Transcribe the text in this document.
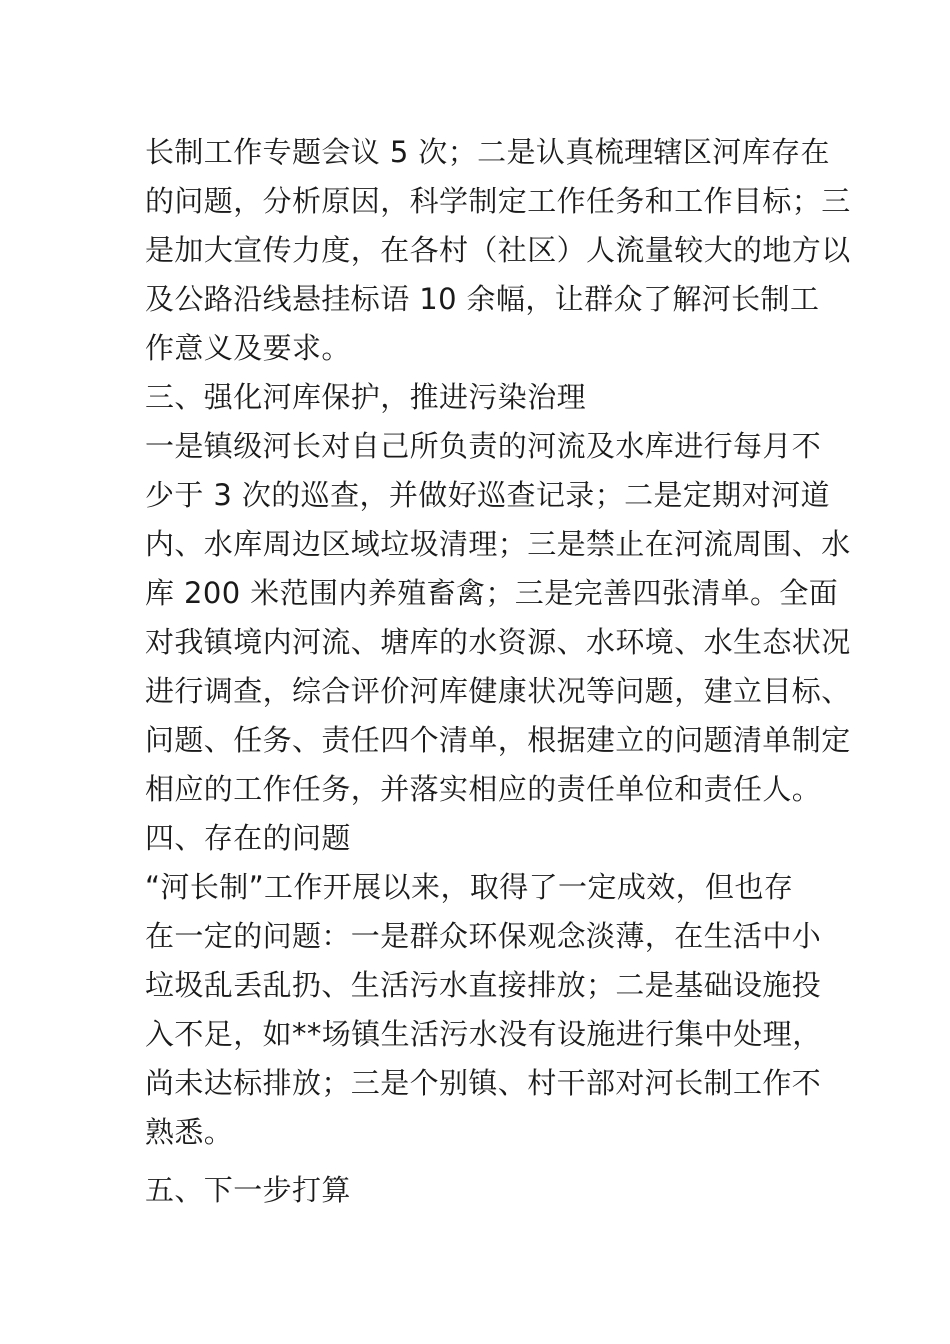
长制工作专题会议 5 次；二是认真梳理辖区河库存在
的问题，分析原因，科学制定工作任务和工作目标；三
是加大宣传力度，在各村（社区）人流量较大的地方以
及公路沿线悬挂标语 10 余幅，让群众了解河长制工
作意义及要求。
三、强化河库保护，推进污染治理
一是镇级河长对自己所负责的河流及水库进行每月不
少于 3 次的巡查，并做好巡查记录；二是定期对河道
内、水库周边区域垃圾清理；三是禁止在河流周围、水
库 200 米范围内养殖畜禽；三是完善四张清单。全面
对我镇境内河流、塘库的水资源、水环境、水生态状况
进行调查，综合评价河库健康状况等问题，建立目标、
问题、任务、责任四个清单，根据建立的问题清单制定
相应的工作任务，并落实相应的责任单位和责任人。
四、存在的问题
“河长制”工作开展以来，取得了一定成效，但也存
在一定的问题：一是群众环保观念淡薄，在生活中小
垃圾乱丢乱扔、生活污水直接排放；二是基础设施投
入不足，如**场镇生活污水没有设施进行集中处理，
尚未达标排放；三是个别镇、村干部对河长制工作不
熟悉。
五、下一步打算
